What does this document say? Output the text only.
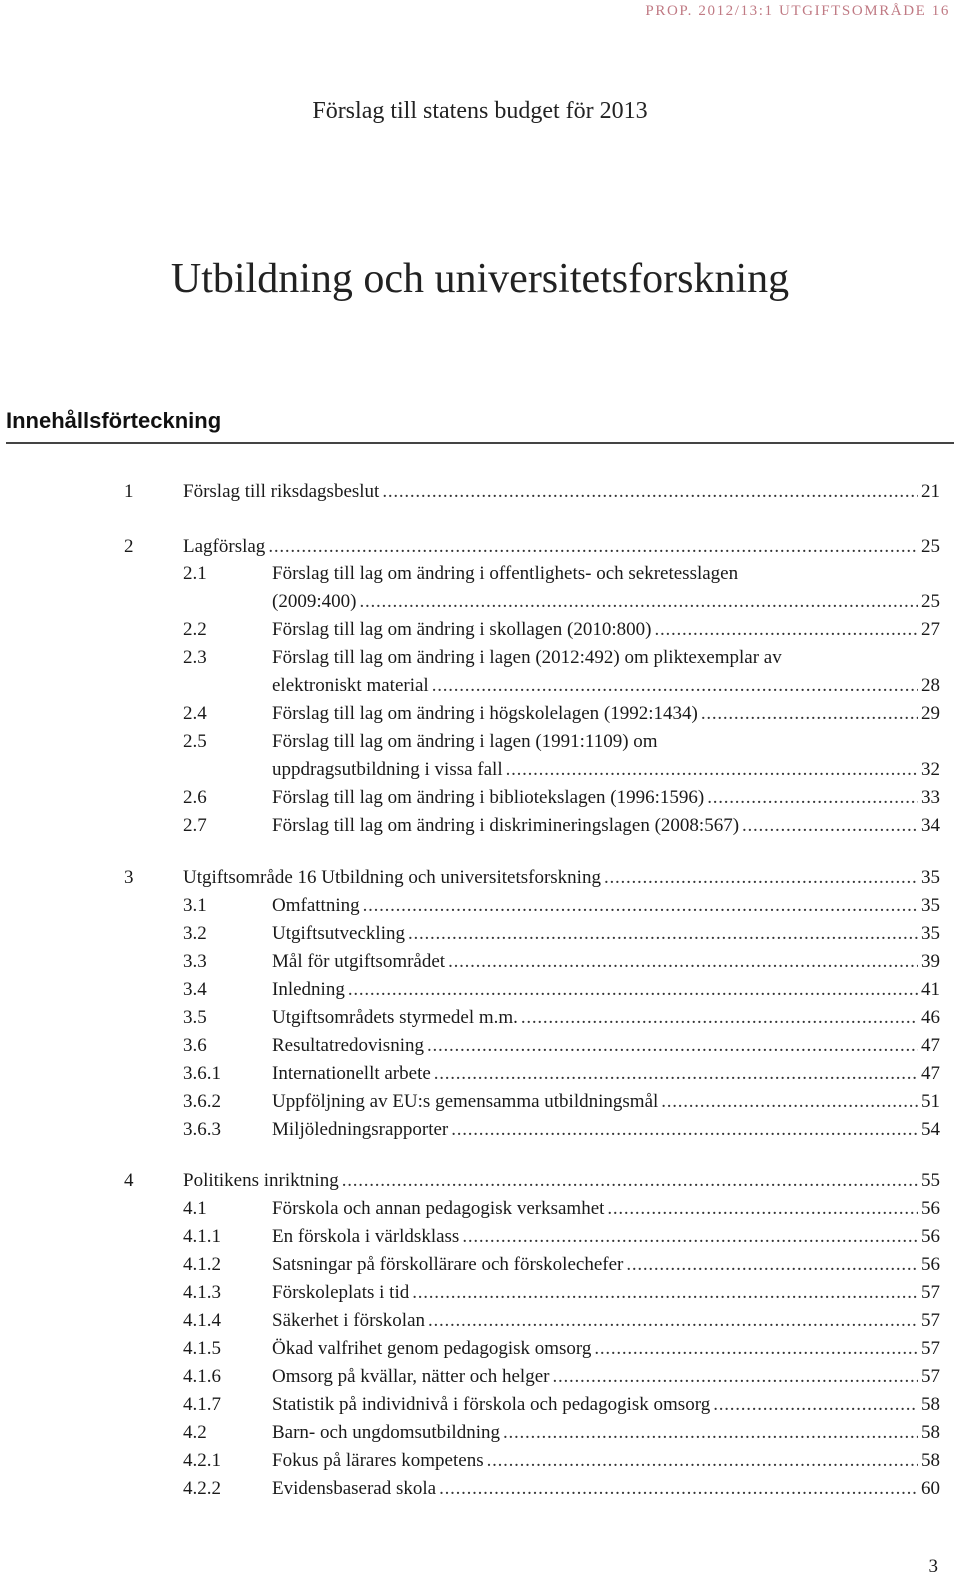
PROP. 2012/13:1 UTGIFTSOMRÅDE 16
Förslag till statens budget för 2013
Utbildning och universitetsforskning
Innehållsförteckning
1	Förslag till riksdagsbeslut . . .	21
2	Lagförslag . . .	25
2.1	Förslag till lag om ändring i offentlighets- och sekretesslagen
(2009:400) . . .	25
2.2	Förslag till lag om ändring i skollagen (2010:800) . . .	27
2.3	Förslag till lag om ändring i lagen (2012:492) om pliktexemplar av
elektroniskt material . . .	28
2.4	Förslag till lag om ändring i högskolelagen (1992:1434) . . .	29
2.5	Förslag till lag om ändring i lagen (1991:1109) om
uppdragsutbildning i vissa fall . . .	32
2.6	Förslag till lag om ändring i bibliotekslagen (1996:1596) . . .	33
2.7	Förslag till lag om ändring i diskrimineringslagen (2008:567) . . .	34
3	Utgiftsområde 16 Utbildning och universitetsforskning . . .	35
3.1	Omfattning . . .	35
3.2	Utgiftsutveckling . . .	35
3.3	Mål för utgiftsområdet . . .	39
3.4	Inledning . . .	41
3.5	Utgiftsområdets styrmedel m.m. . . .	46
3.6	Resultatredovisning . . .	47
3.6.1	Internationellt arbete . . .	47
3.6.2	Uppföljning av EU:s gemensamma utbildningsmål . . .	51
3.6.3	Miljöledningsrapporter . . .	54
4	Politikens inriktning . . .	55
4.1	Förskola och annan pedagogisk verksamhet . . .	56
4.1.1	En förskola i världsklass . . .	56
4.1.2	Satsningar på förskollärare och förskolechefer . . .	56
4.1.3	Förskoleplats i tid . . .	57
4.1.4	Säkerhet i förskolan . . .	57
4.1.5	Ökad valfrihet genom pedagogisk omsorg . . .	57
4.1.6	Omsorg på kvällar, nätter och helger . . .	57
4.1.7	Statistik på individnivå i förskola och pedagogisk omsorg . . .	58
4.2	Barn- och ungdomsutbildning . . .	58
4.2.1	Fokus på lärares kompetens . . .	58
4.2.2	Evidensbaserad skola . . .	60
3
